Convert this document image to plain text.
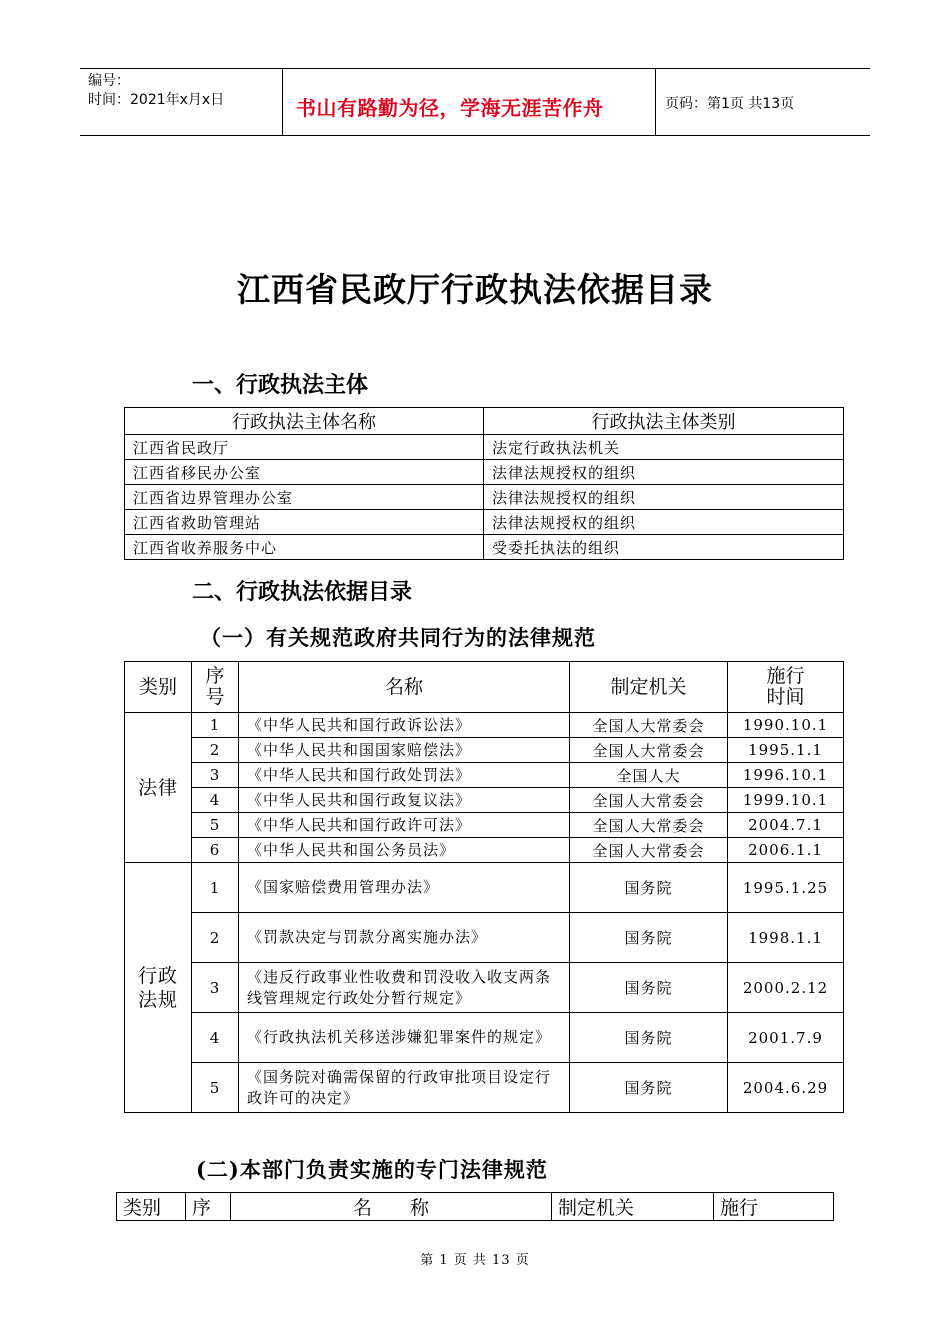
编号：
时间：2021年x月x日	书山有路勤为径，学海无涯苦作舟	页码：第1页 共13页
江西省民政厅行政执法依据目录
一、行政执法主体
行政执法主体名称	行政执法主体类别
江西省民政厅	法定行政执法机关
江西省移民办公室	法律法规授权的组织
江西省边界管理办公室	法律法规授权的组织
江西省救助管理站	法律法规授权的组织
江西省收养服务中心	受委托执法的组织
二、行政执法依据目录
（一）有关规范政府共同行为的法律规范
类别	序号	名称	制定机关	施行时间
法律	1	《中华人民共和国行政诉讼法》	全国人大常委会	1990.10.1
	2	《中华人民共和国国家赔偿法》	全国人大常委会	1995.1.1
	3	《中华人民共和国行政处罚法》	全国人大	1996.10.1
	4	《中华人民共和国行政复议法》	全国人大常委会	1999.10.1
	5	《中华人民共和国行政许可法》	全国人大常委会	2004.7.1
	6	《中华人民共和国公务员法》	全国人大常委会	2006.1.1
行政法规	1	《国家赔偿费用管理办法》	国务院	1995.1.25
	2	《罚款决定与罚款分离实施办法》	国务院	1998.1.1
	3	《违反行政事业性收费和罚没收入收支两条线管理规定行政处分暂行规定》	国务院	2000.2.12
	4	《行政执法机关移送涉嫌犯罪案件的规定》	国务院	2001.7.9
	5	《国务院对确需保留的行政审批项目设定行政许可的决定》	国务院	2004.6.29
(二)本部门负责实施的专门法律规范
类别	序	名　　称	制定机关	施行
第 1 页 共 13 页
